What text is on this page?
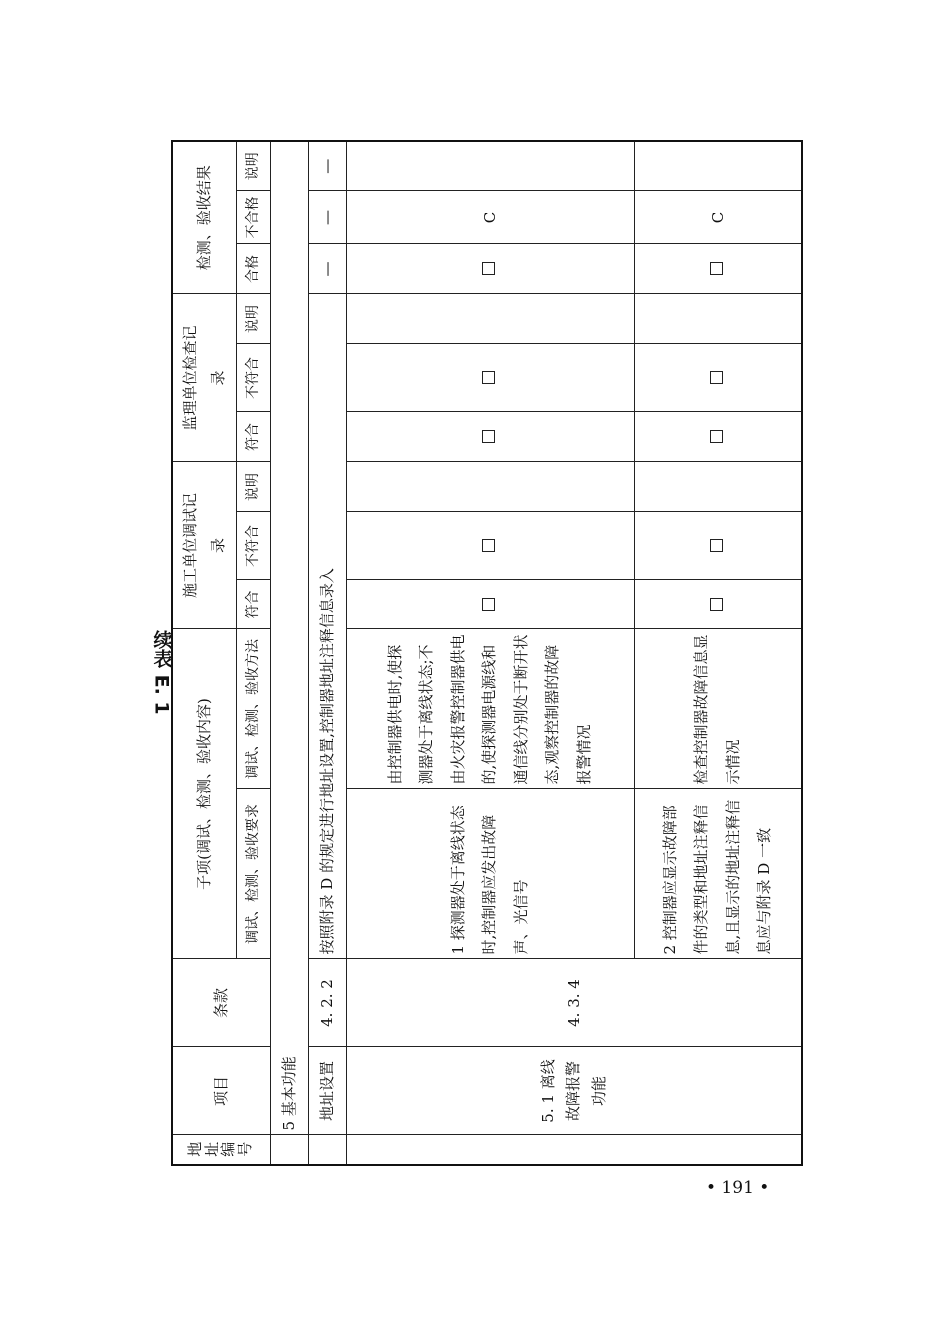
续表 E. 1
地址编号	项目	条款	子项(调试、检测、验收内容)		施工单位调试记录			监理单位检查记录			检测、验收结果		
			调试、检测、验收要求	调试、检测、验收方法	符合	不符合	说明	符合	不符合	说明	合格	不合格	说明
	5 基本功能												
	地址设置	4. 2. 2	按照附录 D 的规定进行地址设置,控制器地址注释信息录入								—	—	—
	5. 1 离线故障报警功能	4. 3. 4	1 探测器处于离线状态时,控制器应发出故障声、光信号	由控制器供电时,使探测器处于离线状态;不由火灾报警控制器供电的,使探测器电源线和通信线分别处于断开状态,观察控制器的故障报警情况								C	
			2 控制器应显示故障部件的类型和地址注释信息,且显示的地址注释信息应与附录 D 一致	检查控制器故障信息显示情况								C	
• 191 •
